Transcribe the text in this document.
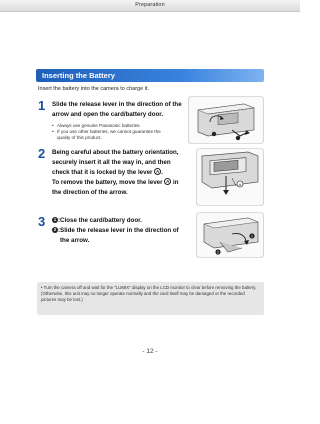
Preparation
Inserting the Battery
Insert the battery into the camera to charge it.
1 Slide the release lever in the direction of the
arrow and open the card/battery door.
• Always use genuine Panasonic batteries.
• If you use other batteries, we cannot guarantee the
quality of this product.
2 Being careful about the battery orientation,
securely insert it all the way in, and then
check that it is locked by the lever A .
To remove the battery, move the lever A in
the direction of the arrow.
A
3	1 :Close the card/battery door.
2 :Slide the release lever in the direction of
the arrow.
1
2

• Turn the camera off and wait for the "LUMIX" display on the LCD monitor to clear before removing the battery. (Otherwise, this unit may no longer operate normally and the card itself may be damaged or the recorded pictures may be lost.)

- 12 -
